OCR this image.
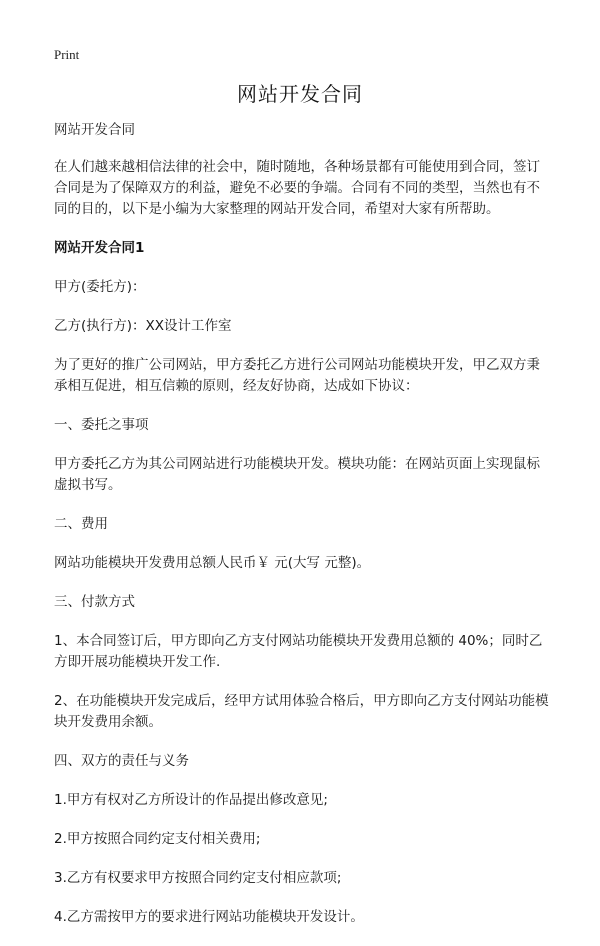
Print
网站开发合同

网站开发合同

在人们越来越相信法律的社会中，随时随地，各种场景都有可能使用到合同，签订合同是为了保障双方的利益，避免不必要的争端。合同有不同的类型，当然也有不同的目的，以下是小编为大家整理的网站开发合同，希望对大家有所帮助。

网站开发合同1

甲方(委托方)：

乙方(执行方)：XX设计工作室

为了更好的推广公司网站，甲方委托乙方进行公司网站功能模块开发，甲乙双方秉承相互促进，相互信赖的原则，经友好协商，达成如下协议：

一、委托之事项

甲方委托乙方为其公司网站进行功能模块开发。模块功能：在网站页面上实现鼠标虚拟书写。

二、费用

网站功能模块开发费用总额人民币￥ 元(大写 元整)。

三、付款方式

1、本合同签订后，甲方即向乙方支付网站功能模块开发费用总额的 40%；同时乙方即开展功能模块开发工作.

2、在功能模块开发完成后，经甲方试用体验合格后，甲方即向乙方支付网站功能模块开发费用余额。

四、双方的责任与义务

1.甲方有权对乙方所设计的作品提出修改意见;

2.甲方按照合同约定支付相关费用;

3.乙方有权要求甲方按照合同约定支付相应款项;

4.乙方需按甲方的要求进行网站功能模块开发设计。
